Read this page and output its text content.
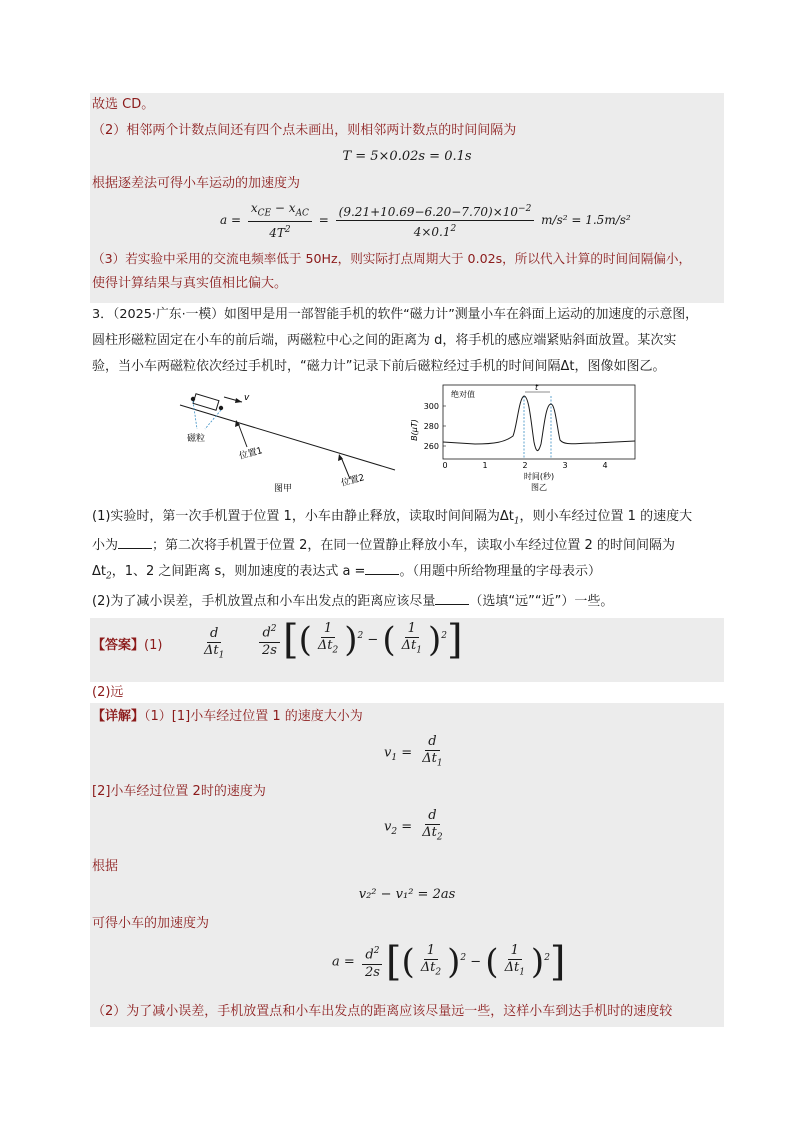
故选 CD。
（2）相邻两个计数点间还有四个点未画出，则相邻两计数点的时间间隔为
T = 5×0.02s = 0.1s
根据逐差法可得小车运动的加速度为
$a = \frac{x_{CE} - x_{AC}}{4T^2} = \frac{(9.21+10.69-6.20-7.70)\times 10^{-2}}{4\times 0.1^2} m/s^2 = 1.5m/s^2$
（3）若实验中采用的交流电频率低于 50Hz，则实际打点周期大于 0.02s，所以代入计算的时间间隔偏小，
使得计算结果与真实值相比偏大。
3．（2025·广东·一模）如图甲是用一部智能手机的软件“磁力计”测量小车在斜面上运动的加速度的示意图，
圆柱形磁粒固定在小车的前后端，两磁粒中心之间的距离为 d，将手机的感应端紧贴斜面放置。某次实
验，当小车两磁粒依次经过手机时，“磁力计”记录下前后磁粒经过手机的时间间隔Δt，图像如图乙。
v
磁粒
位置1
位置2
图甲
B(μT)
300
280
260
0	1	2	3	4
绝对值
t
时间(秒)
图乙
(1)实验时，第一次手机置于位置 1，小车由静止释放，读取时间间隔为$\Delta t_1$，则小车经过位置 1 的速度大
小为	；第二次将手机置于位置 2，在同一位置静止释放小车，读取小车经过位置 2 的时间间隔为
$\Delta t_2$，1、2 之间距离 s，则加速度的表达式 a =	。（用题中所给物理量的字母表示）
(2)为了减小误差，手机放置点和小车出发点的距离应该尽量	（选填“远”“近”）一些。
【答案】(1)	$\frac{d}{\Delta t_1} \frac{d^2}{2s}$ [( $\frac{1}{\Delta t_2} )^2$ − ( $\frac{1}{\Delta t_1} )^2$]
(2)远
【详解】（1）[1]小车经过位置 1 的速度大小为
$v_1 = \frac{d}{\Delta t_1}$
[2]小车经过位置 2时的速度为
$v_2 = \frac{d}{\Delta t_2}$
根据
v₂² − v₁² = 2as
可得小车的加速度为
$a = \frac{d^2}{2s}$ [( $\frac{1}{\Delta t_2} )^2$ − ( $\frac{1}{\Delta t_1} )^2$]
（2）为了减小误差，手机放置点和小车出发点的距离应该尽量远一些，这样小车到达手机时的速度较
